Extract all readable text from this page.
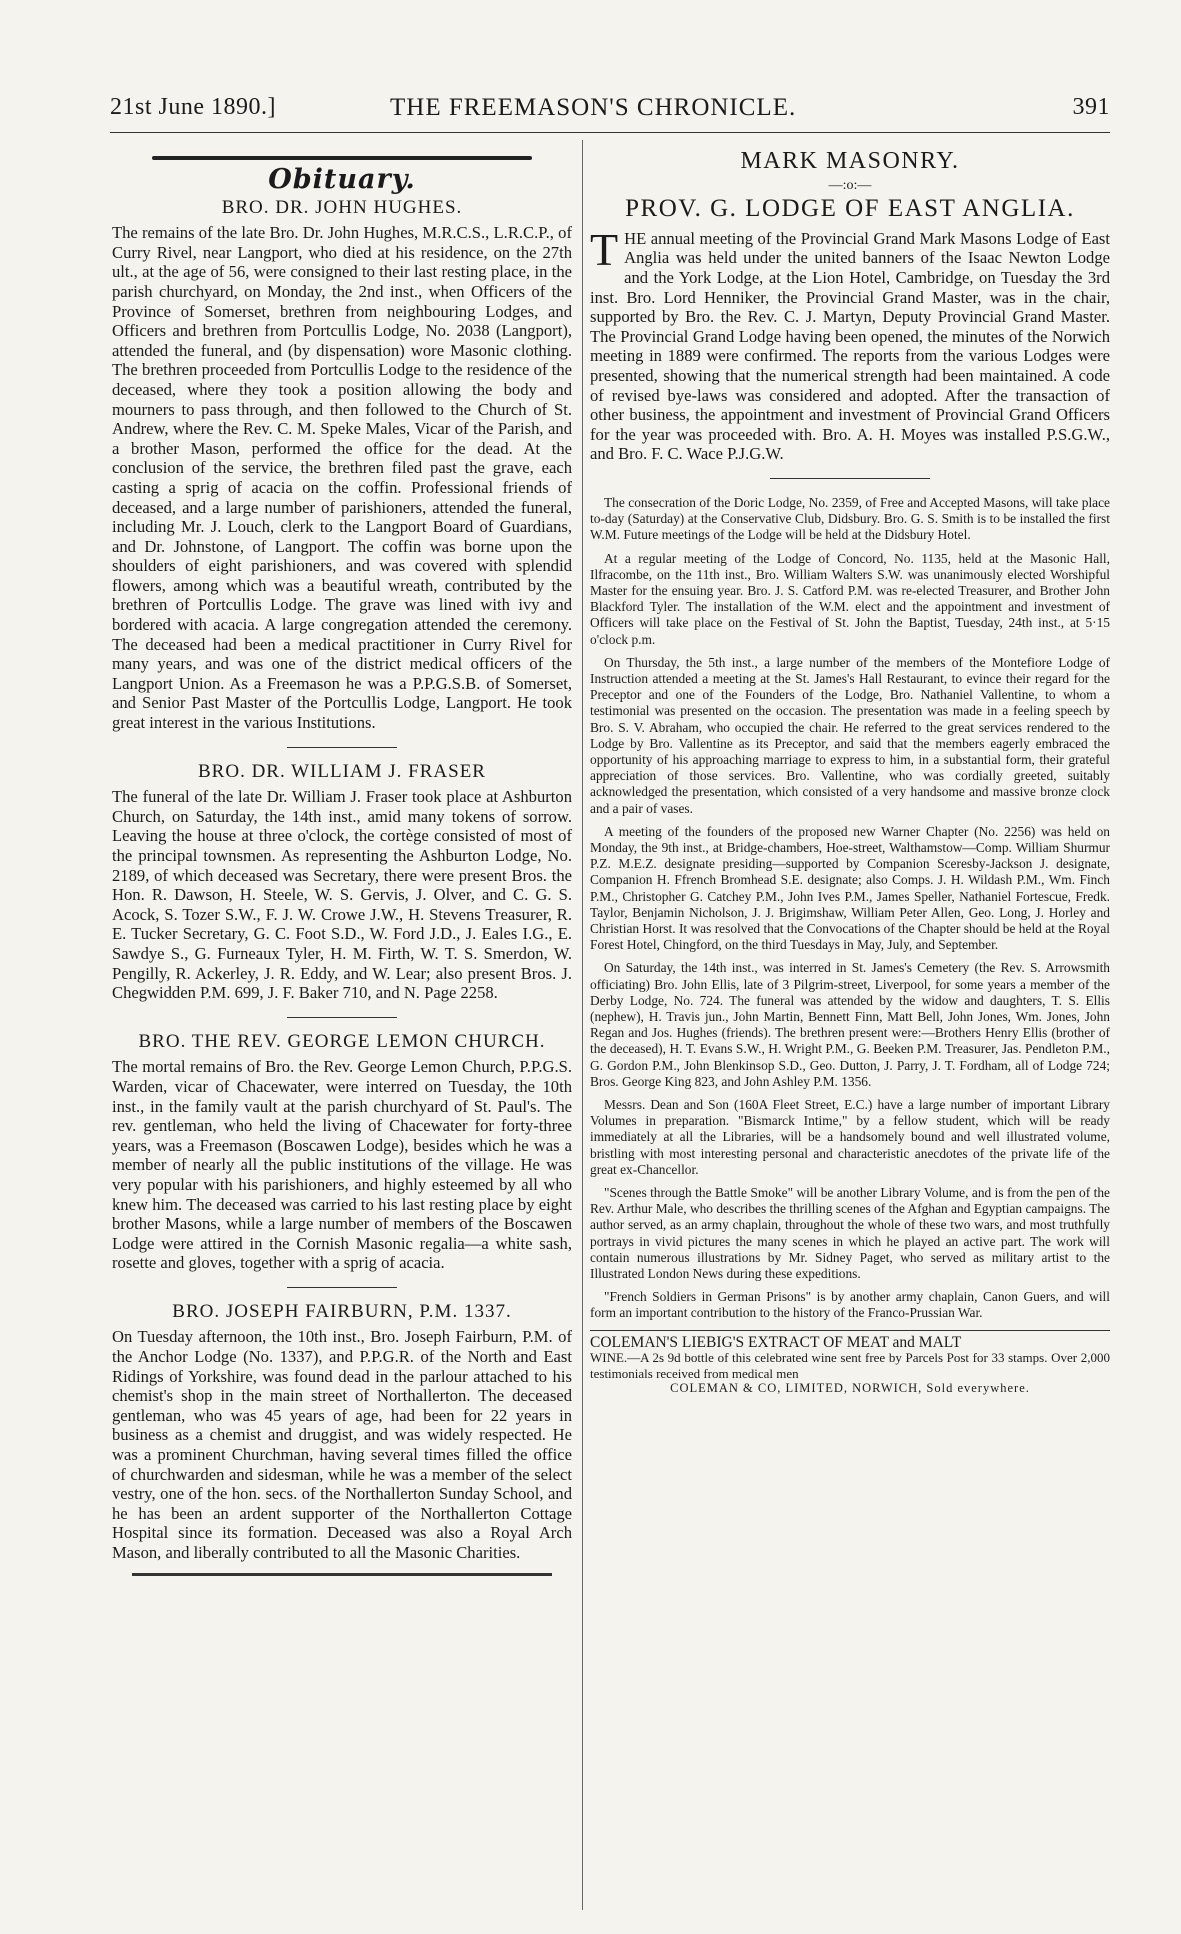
21st June 1890.]	THE FREEMASON'S CHRONICLE.	391
Obituary.
BRO. DR. JOHN HUGHES.

The remains of the late Bro. Dr. John Hughes, M.R.C.S., L.R.C.P., of Curry Rivel, near Langport, who died at his residence, on the 27th ult., at the age of 56, were consigned to their last resting place, in the parish churchyard, on Monday, the 2nd inst., when Officers of the Province of Somerset, brethren from neighbouring Lodges, and Officers and brethren from Portcullis Lodge, No. 2038 (Langport), attended the funeral, and (by dispensation) wore Masonic clothing. The brethren proceeded from Portcullis Lodge to the residence of the deceased, where they took a position allowing the body and mourners to pass through, and then followed to the Church of St. Andrew, where the Rev. C. M. Speke Males, Vicar of the Parish, and a brother Mason, performed the office for the dead. At the conclusion of the service, the brethren filed past the grave, each casting a sprig of acacia on the coffin. Professional friends of deceased, and a large number of parishioners, attended the funeral, including Mr. J. Louch, clerk to the Langport Board of Guardians, and Dr. Johnstone, of Langport. The coffin was borne upon the shoulders of eight parishioners, and was covered with splendid flowers, among which was a beautiful wreath, contributed by the brethren of Portcullis Lodge. The grave was lined with ivy and bordered with acacia. A large congregation attended the ceremony. The deceased had been a medical practitioner in Curry Rivel for many years, and was one of the district medical officers of the Langport Union. As a Freemason he was a P.P.G.S.B. of Somerset, and Senior Past Master of the Portcullis Lodge, Langport. He took great interest in the various Institutions.

BRO. DR. WILLIAM J. FRASER

The funeral of the late Dr. William J. Fraser took place at Ashburton Church, on Saturday, the 14th inst., amid many tokens of sorrow. Leaving the house at three o'clock, the cortège consisted of most of the principal townsmen. As representing the Ashburton Lodge, No. 2189, of which deceased was Secretary, there were present Bros. the Hon. R. Dawson, H. Steele, W. S. Gervis, J. Olver, and C. G. S. Acock, S. Tozer S.W., F. J. W. Crowe J.W., H. Stevens Treasurer, R. E. Tucker Secretary, G. C. Foot S.D., W. Ford J.D., J. Eales I.G., E. Sawdye S., G. Furneaux Tyler, H. M. Firth, W. T. S. Smerdon, W. Pengilly, R. Ackerley, J. R. Eddy, and W. Lear; also present Bros. J. Chegwidden P.M. 699, J. F. Baker 710, and N. Page 2258.

BRO. THE REV. GEORGE LEMON CHURCH.

The mortal remains of Bro. the Rev. George Lemon Church, P.P.G.S. Warden, vicar of Chacewater, were interred on Tuesday, the 10th inst., in the family vault at the parish churchyard of St. Paul's. The rev. gentleman, who held the living of Chacewater for forty-three years, was a Freemason (Boscawen Lodge), besides which he was a member of nearly all the public institutions of the village. He was very popular with his parishioners, and highly esteemed by all who knew him. The deceased was carried to his last resting place by eight brother Masons, while a large number of members of the Boscawen Lodge were attired in the Cornish Masonic regalia—a white sash, rosette and gloves, together with a sprig of acacia.

BRO. JOSEPH FAIRBURN, P.M. 1337.

On Tuesday afternoon, the 10th inst., Bro. Joseph Fairburn, P.M. of the Anchor Lodge (No. 1337), and P.P.G.R. of the North and East Ridings of Yorkshire, was found dead in the parlour attached to his chemist's shop in the main street of Northallerton. The deceased gentleman, who was 45 years of age, had been for 22 years in business as a chemist and druggist, and was widely respected. He was a prominent Churchman, having several times filled the office of churchwarden and sidesman, while he was a member of the select vestry, one of the hon. secs. of the Northallerton Sunday School, and he has been an ardent supporter of the Northallerton Cottage Hospital since its formation. Deceased was also a Royal Arch Mason, and liberally contributed to all the Masonic Charities.

MARK MASONRY.
—:o:—
PROV. G. LODGE OF EAST ANGLIA.

THE annual meeting of the Provincial Grand Mark Masons Lodge of East Anglia was held under the united banners of the Isaac Newton Lodge and the York Lodge, at the Lion Hotel, Cambridge, on Tuesday the 3rd inst. Bro. Lord Henniker, the Provincial Grand Master, was in the chair, supported by Bro. the Rev. C. J. Martyn, Deputy Provincial Grand Master. The Provincial Grand Lodge having been opened, the minutes of the Norwich meeting in 1889 were confirmed. The reports from the various Lodges were presented, showing that the numerical strength had been maintained. A code of revised bye-laws was considered and adopted. After the transaction of other business, the appointment and investment of Provincial Grand Officers for the year was proceeded with. Bro. A. H. Moyes was installed P.S.G.W., and Bro. F. C. Wace P.J.G.W.

The consecration of the Doric Lodge, No. 2359, of Free and Accepted Masons, will take place to-day (Saturday) at the Conservative Club, Didsbury. Bro. G. S. Smith is to be installed the first W.M. Future meetings of the Lodge will be held at the Didsbury Hotel.

At a regular meeting of the Lodge of Concord, No. 1135, held at the Masonic Hall, Ilfracombe, on the 11th inst., Bro. William Walters S.W. was unanimously elected Worshipful Master for the ensuing year. Bro. J. S. Catford P.M. was re-elected Treasurer, and Brother John Blackford Tyler. The installation of the W.M. elect and the appointment and investment of Officers will take place on the Festival of St. John the Baptist, Tuesday, 24th inst., at 5·15 o'clock p.m.

On Thursday, the 5th inst., a large number of the members of the Montefiore Lodge of Instruction attended a meeting at the St. James's Hall Restaurant, to evince their regard for the Preceptor and one of the Founders of the Lodge, Bro. Nathaniel Vallentine, to whom a testimonial was presented on the occasion. The presentation was made in a feeling speech by Bro. S. V. Abraham, who occupied the chair. He referred to the great services rendered to the Lodge by Bro. Vallentine as its Preceptor, and said that the members eagerly embraced the opportunity of his approaching marriage to express to him, in a substantial form, their grateful appreciation of those services. Bro. Vallentine, who was cordially greeted, suitably acknowledged the presentation, which consisted of a very handsome and massive bronze clock and a pair of vases.

A meeting of the founders of the proposed new Warner Chapter (No. 2256) was held on Monday, the 9th inst., at Bridge-chambers, Hoe-street, Walthamstow—Comp. William Shurmur P.Z. M.E.Z. designate presiding—supported by Companion Sceresby-Jackson J. designate, Companion H. Ffrench Bromhead S.E. designate; also Comps. J. H. Wildash P.M., Wm. Finch P.M., Christopher G. Catchey P.M., John Ives P.M., James Speller, Nathaniel Fortescue, Fredk. Taylor, Benjamin Nicholson, J. J. Brigimshaw, William Peter Allen, Geo. Long, J. Horley and Christian Horst. It was resolved that the Convocations of the Chapter should be held at the Royal Forest Hotel, Chingford, on the third Tuesdays in May, July, and September.

On Saturday, the 14th inst., was interred in St. James's Cemetery (the Rev. S. Arrowsmith officiating) Bro. John Ellis, late of 3 Pilgrim-street, Liverpool, for some years a member of the Derby Lodge, No. 724. The funeral was attended by the widow and daughters, T. S. Ellis (nephew), H. Travis jun., John Martin, Bennett Finn, Matt Bell, John Jones, Wm. Jones, John Regan and Jos. Hughes (friends). The brethren present were:—Brothers Henry Ellis (brother of the deceased), H. T. Evans S.W., H. Wright P.M., G. Beeken P.M. Treasurer, Jas. Pendleton P.M., G. Gordon P.M., John Blenkinsop S.D., Geo. Dutton, J. Parry, J. T. Fordham, all of Lodge 724; Bros. George King 823, and John Ashley P.M. 1356.

Messrs. Dean and Son (160A Fleet Street, E.C.) have a large number of important Library Volumes in preparation. "Bismarck Intime," by a fellow student, which will be ready immediately at all the Libraries, will be a handsomely bound and well illustrated volume, bristling with most interesting personal and characteristic anecdotes of the private life of the great ex-Chancellor.

"Scenes through the Battle Smoke" will be another Library Volume, and is from the pen of the Rev. Arthur Male, who describes the thrilling scenes of the Afghan and Egyptian campaigns. The author served, as an army chaplain, throughout the whole of these two wars, and most truthfully portrays in vivid pictures the many scenes in which he played an active part. The work will contain numerous illustrations by Mr. Sidney Paget, who served as military artist to the Illustrated London News during these expeditions.

"French Soldiers in German Prisons" is by another army chaplain, Canon Guers, and will form an important contribution to the history of the Franco-Prussian War.

COLEMAN'S LIEBIG'S EXTRACT OF MEAT and MALT
WINE.—A 2s 9d bottle of this celebrated wine sent free by Parcels Post for 33 stamps. Over 2,000 testimonials received from medical men
COLEMAN & CO, LIMITED, NORWICH, Sold everywhere.
